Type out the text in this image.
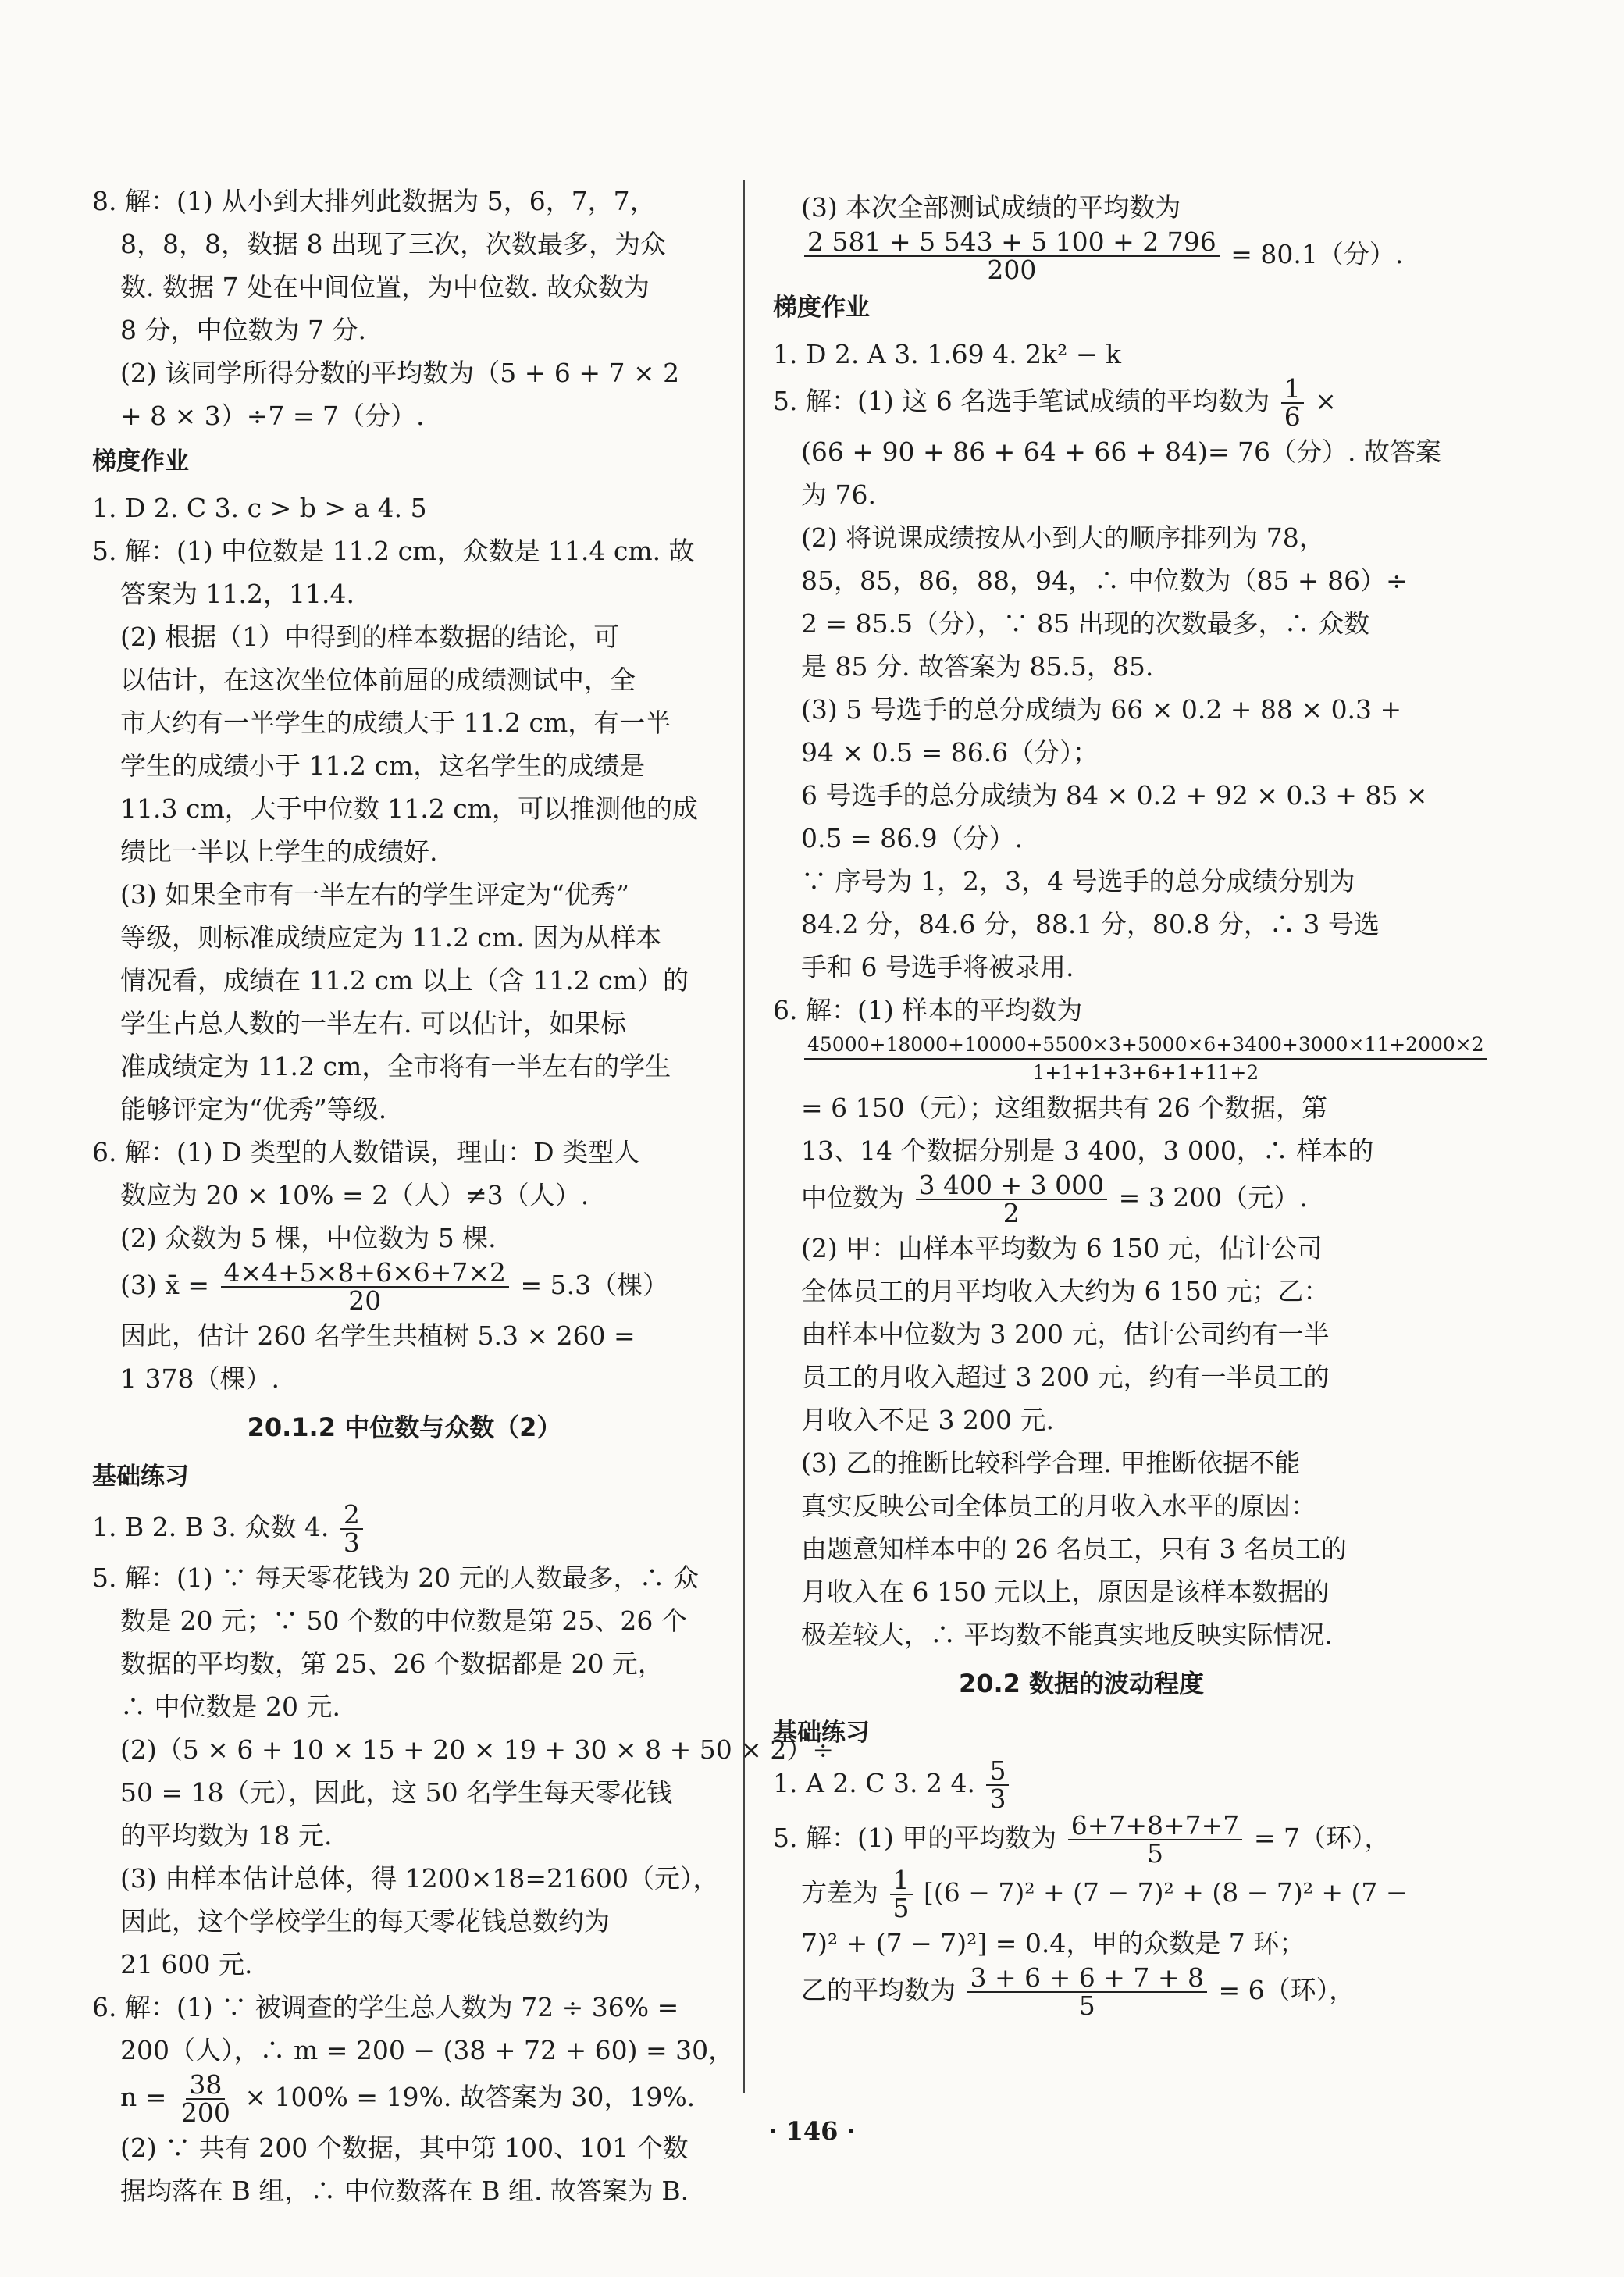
8. 解：(1) 从小到大排列此数据为 5，6，7，7，

8，8，8，数据 8 出现了三次，次数最多，为众

数. 数据 7 处在中间位置，为中位数. 故众数为

8 分，中位数为 7 分.

(2) 该同学所得分数的平均数为（5 + 6 + 7 × 2

+ 8 × 3）÷7 = 7（分）.

梯度作业

1. D 2. C 3. c > b > a 4. 5

5. 解：(1) 中位数是 11.2 cm，众数是 11.4 cm. 故

答案为 11.2，11.4.

(2) 根据（1）中得到的样本数据的结论，可

以估计，在这次坐位体前屈的成绩测试中，全

市大约有一半学生的成绩大于 11.2 cm，有一半

学生的成绩小于 11.2 cm，这名学生的成绩是

11.3 cm，大于中位数 11.2 cm，可以推测他的成

绩比一半以上学生的成绩好.

(3) 如果全市有一半左右的学生评定为“优秀”

等级，则标准成绩应定为 11.2 cm. 因为从样本

情况看，成绩在 11.2 cm 以上（含 11.2 cm）的

学生占总人数的一半左右. 可以估计，如果标

准成绩定为 11.2 cm，全市将有一半左右的学生

能够评定为“优秀”等级.

6. 解：(1) D 类型的人数错误，理由：D 类型人

数应为 20 × 10% = 2（人）≠3（人）.

(2) 众数为 5 棵，中位数为 5 棵.

(3) x̄ = $\frac{4\times 4+5\times 8+6\times 6+7\times 2}{20} = 5.3$（棵）

因此，估计 260 名学生共植树 5.3 × 260 =

1 378（棵）.

20.1.2 中位数与众数（2）

基础练习

1. B 2. B 3. 众数 4. $\frac{2}{3}$

5. 解：(1) ∵ 每天零花钱为 20 元的人数最多，∴ 众

数是 20 元；∵ 50 个数的中位数是第 25、26 个

数据的平均数，第 25、26 个数据都是 20 元，

∴ 中位数是 20 元.

(2)（5 × 6 + 10 × 15 + 20 × 19 + 30 × 8 + 50 × 2）÷

50 = 18（元），因此，这 50 名学生每天零花钱

的平均数为 18 元.

(3) 由样本估计总体，得 1200×18=21600（元），

因此，这个学校学生的每天零花钱总数约为

21 600 元.

6. 解：(1) ∵ 被调查的学生总人数为 72 ÷ 36% =

200（人），∴ m = 200 − (38 + 72 + 60) = 30，

$n = \frac{38}{200} \times 100\% = 19\%$. 故答案为 30，19%.

(2) ∵ 共有 200 个数据，其中第 100、101 个数

据均落在 B 组，∴ 中位数落在 B 组. 故答案为 B.

(3) 本次全部测试成绩的平均数为

$\frac{2 581 + 5 543 + 5 100 + 2 796}{200} = 80.1$（分）.

梯度作业

1. D 2. A 3. 1.69 4. 2k² − k

5. 解：(1) 这 6 名选手笔试成绩的平均数为 $\frac{1}{6}$ ×

(66 + 90 + 86 + 64 + 66 + 84)= 76（分）. 故答案

为 76.

(2) 将说课成绩按从小到大的顺序排列为 78，

85，85，86，88，94，∴ 中位数为（85 + 86）÷

2 = 85.5（分），∵ 85 出现的次数最多，∴ 众数

是 85 分. 故答案为 85.5，85.

(3) 5 号选手的总分成绩为 66 × 0.2 + 88 × 0.3 +

94 × 0.5 = 86.6（分）；

6 号选手的总分成绩为 84 × 0.2 + 92 × 0.3 + 85 ×

0.5 = 86.9（分）.

∵ 序号为 1，2，3，4 号选手的总分成绩分别为

84.2 分，84.6 分，88.1 分，80.8 分，∴ 3 号选

手和 6 号选手将被录用.

6. 解：(1) 样本的平均数为

$\frac{45000+18000+10000+5500\times 3+5000\times 6+3400+3000\times 11+2000\times 2}{1+1+1+3+6+1+11+2}$

= 6 150（元）；这组数据共有 26 个数据，第

13、14 个数据分别是 3 400，3 000，∴ 样本的

中位数为 $\frac{3 400 + 3 000}{2} = 3$ 200（元）.

(2) 甲：由样本平均数为 6 150 元，估计公司

全体员工的月平均收入大约为 6 150 元；乙：

由样本中位数为 3 200 元，估计公司约有一半

员工的月收入超过 3 200 元，约有一半员工的

月收入不足 3 200 元.

(3) 乙的推断比较科学合理. 甲推断依据不能

真实反映公司全体员工的月收入水平的原因：

由题意知样本中的 26 名员工，只有 3 名员工的

月收入在 6 150 元以上，原因是该样本数据的

极差较大，∴ 平均数不能真实地反映实际情况.

20.2 数据的波动程度

基础练习

1. A 2. C 3. 2 4. $\frac{5}{3}$

5. 解：(1) 甲的平均数为 $\frac{6+7+8+7+7}{5} = 7$（环），

方差为 $\frac{1}{5} [(6 - 7)^2 + (7 - 7)^2 + (8 - 7)^2 + (7$ −

7)² + (7 − 7)²] = 0.4，甲的众数是 7 环；

乙的平均数为 $\frac{3 + 6 + 6 + 7 + 8}{5} = 6$（环），

· 146 ·
